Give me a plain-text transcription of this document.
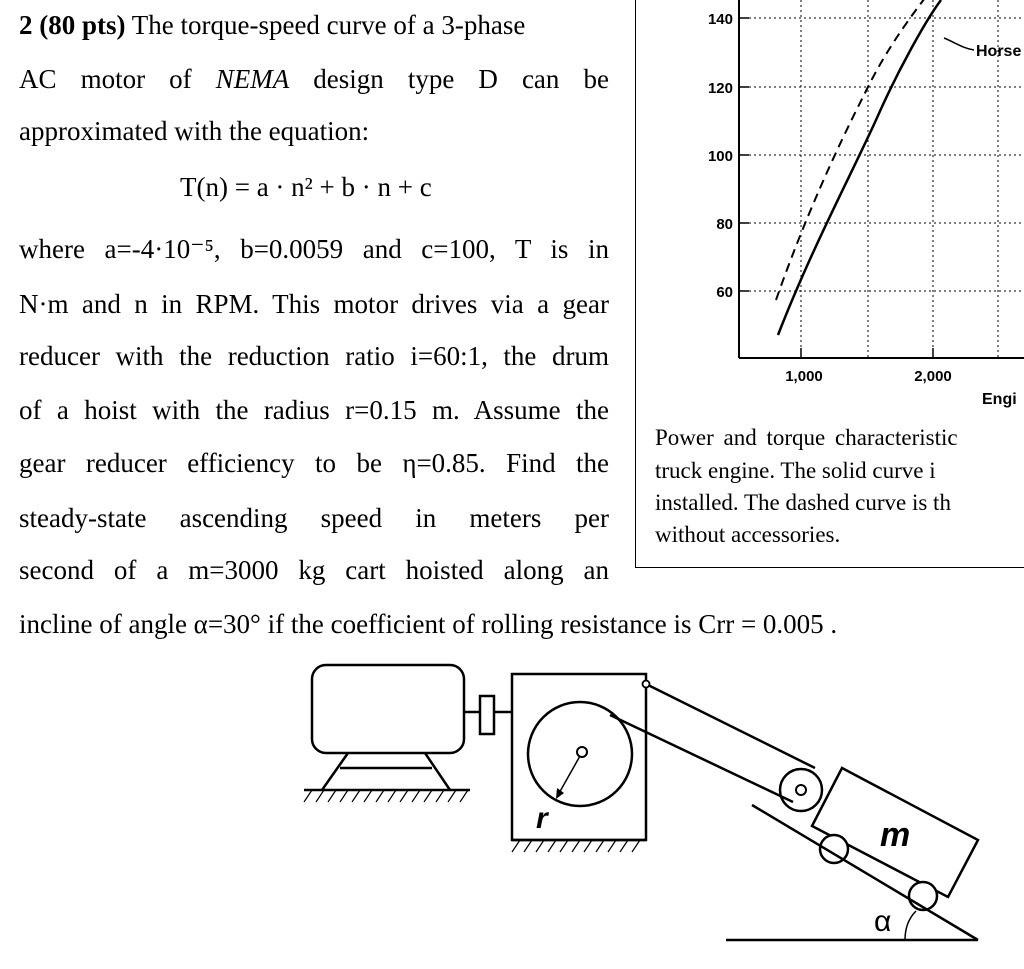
2 (80 pts) The torque-speed curve of a 3-phase
AC motor of NEMA design type D can be
approximated with the equation:
T(n) = a · n² + b · n + c
where a=-4·10⁻⁵, b=0.0059 and c=100, T is in
N·m and n in RPM. This motor drives via a gear
reducer with the reduction ratio i=60:1, the drum
of a hoist with the radius r=0.15 m. Assume the
gear reducer efficiency to be η=0.85. Find the
steady-state ascending speed in meters per
second of a m=3000 kg cart hoisted along an
incline of angle α=30° if the coefficient of rolling resistance is Crr = 0.005 .
140
120
100
80
60
1,000	2,000
Engi
Horse
Power and torque characteristic
truck engine. The solid curve i
installed. The dashed curve is th
without accessories.
r	m
α
